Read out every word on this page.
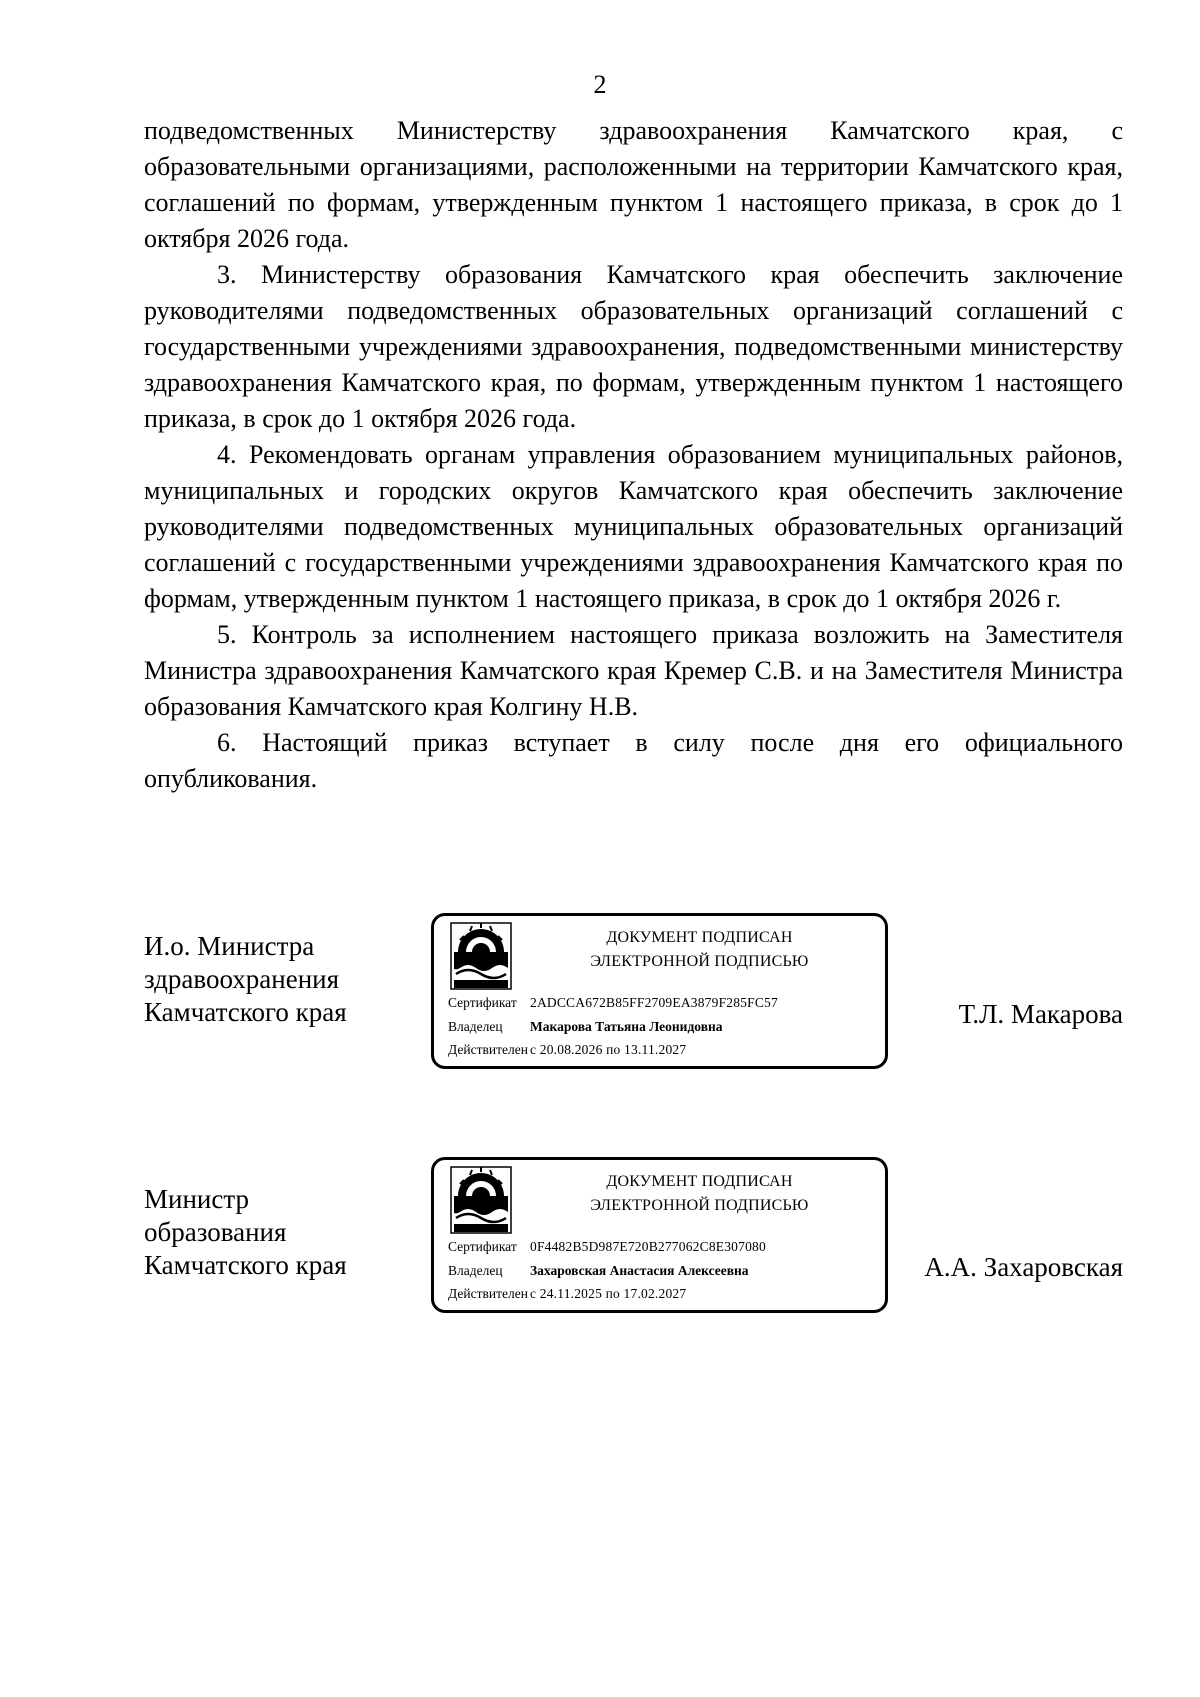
2

подведомственных Министерству здравоохранения Камчатского края, с образовательными организациями, расположенными на территории Камчатского края, соглашений по формам, утвержденным пунктом 1 настоящего приказа, в срок до 1 октября 2026 года.

3. Министерству образования Камчатского края обеспечить заключение руководителями подведомственных образовательных организаций соглашений с государственными учреждениями здравоохранения, подведомственными министерству здравоохранения Камчатского края, по формам, утвержденным пунктом 1 настоящего приказа, в срок до 1 октября 2026 года.

4. Рекомендовать органам управления образованием муниципальных районов, муниципальных и городских округов Камчатского края обеспечить заключение руководителями подведомственных муниципальных образовательных организаций соглашений с государственными учреждениями здравоохранения Камчатского края по формам, утвержденным пунктом 1 настоящего приказа, в срок до 1 октября 2026 г.

5. Контроль за исполнением настоящего приказа возложить на Заместителя Министра здравоохранения Камчатского края Кремер С.В. и на Заместителя Министра образования Камчатского края Колгину Н.В.

6. Настоящий приказ вступает в силу после дня его официального опубликования.

И.о. Министра
здравоохранения
Камчатского края
ДОКУМЕНТ ПОДПИСАН
ЭЛЕКТРОННОЙ ПОДПИСЬЮ
Сертификат 2ADCCA672B85FF2709EA3879F285FC57
Владелец Макарова Татьяна Леонидовна
Действителен с 20.08.2026 по 13.11.2027
Т.Л. Макарова
Министр
образования
Камчатского края
ДОКУМЕНТ ПОДПИСАН
ЭЛЕКТРОННОЙ ПОДПИСЬЮ
Сертификат 0F4482B5D987E720B277062C8E307080
Владелец Захаровская Анастасия Алексеевна
Действителен с 24.11.2025 по 17.02.2027
А.А. Захаровская
